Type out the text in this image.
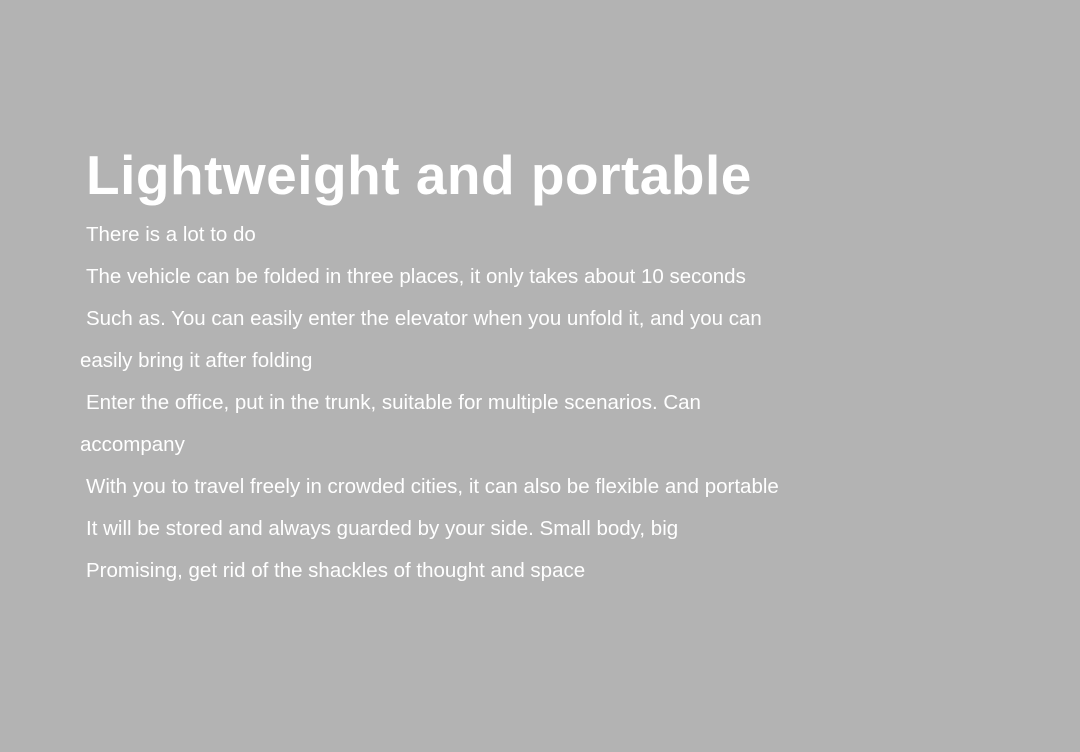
Lightweight and portable
There is a lot to do
The vehicle can be folded in three places, it only takes about 10 seconds
Such as. You can easily enter the elevator when you unfold it, and you can
easily bring it after folding
Enter the office, put in the trunk, suitable for multiple scenarios. Can
accompany
With you to travel freely in crowded cities, it can also be flexible and portable
It will be stored and always guarded by your side. Small body, big
Promising, get rid of the shackles of thought and space
